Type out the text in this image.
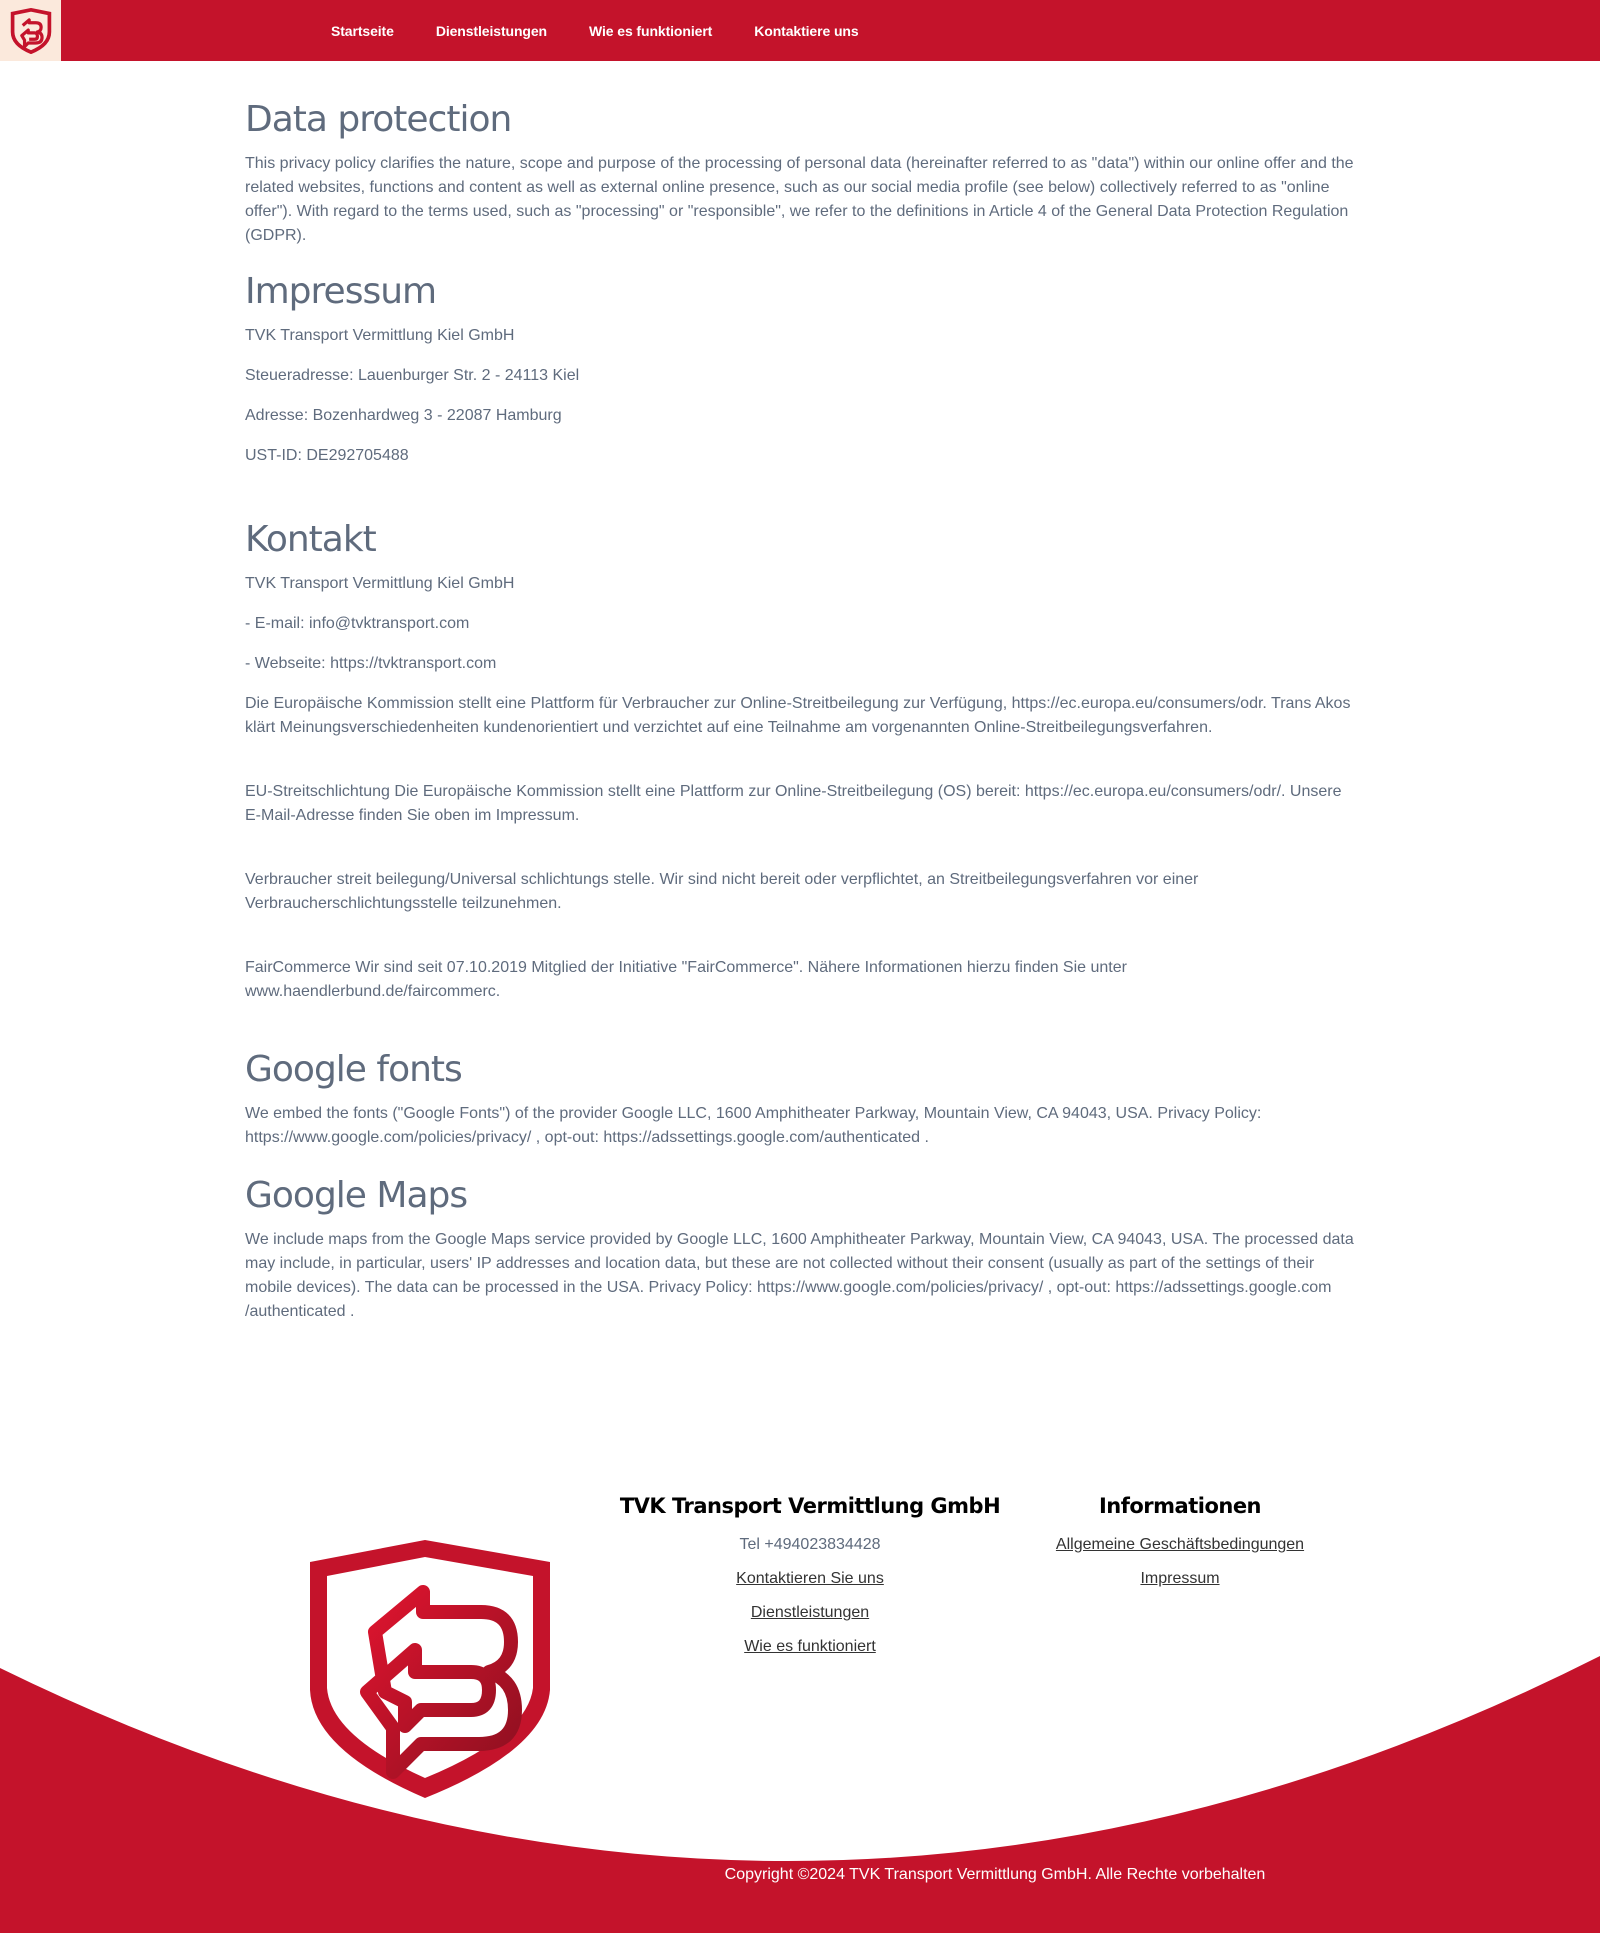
Startseite	Dienstleistungen	Wie es funktioniert	Kontaktiere uns
Data protection

This privacy policy clarifies the nature, scope and purpose of the processing of personal data (hereinafter referred to as "data") within our online offer and the related websites, functions and content as well as external online presence, such as our social media profile (see below) collectively referred to as "online offer"). With regard to the terms used, such as "processing" or "responsible", we refer to the definitions in Article 4 of the General Data Protection Regulation (GDPR).

Impressum

TVK Transport Vermittlung Kiel GmbH

Steueradresse: Lauenburger Str. 2 - 24113 Kiel

Adresse: Bozenhardweg 3 - 22087 Hamburg

UST-ID: DE292705488

Kontakt

TVK Transport Vermittlung Kiel GmbH

- E-mail: info@tvktransport.com

- Webseite: https://tvktransport.com

Die Europäische Kommission stellt eine Plattform für Verbraucher zur Online-Streitbeilegung zur Verfügung, https://ec.europa.eu/consumers/odr. Trans Akos klärt Meinungsverschiedenheiten kundenorientiert und verzichtet auf eine Teilnahme am vorgenannten Online-Streitbeilegungsverfahren.

EU-Streitschlichtung Die Europäische Kommission stellt eine Plattform zur Online-Streitbeilegung (OS) bereit: https://ec.europa.eu/consumers/odr/. Unsere E-Mail-Adresse finden Sie oben im Impressum.

Verbraucher streit beilegung/Universal schlichtungs stelle. Wir sind nicht bereit oder verpflichtet, an Streitbeilegungsverfahren vor einer Verbraucherschlichtungsstelle teilzunehmen.

FairCommerce Wir sind seit 07.10.2019 Mitglied der Initiative "FairCommerce". Nähere Informationen hierzu finden Sie unter www.haendlerbund.de/faircommerc.

Google fonts

We embed the fonts ("Google Fonts") of the provider Google LLC, 1600 Amphitheater Parkway, Mountain View, CA 94043, USA. Privacy Policy: https://www.google.com/policies/privacy/ , opt-out: https://adssettings.google.com/authenticated .

Google Maps

We include maps from the Google Maps service provided by Google LLC, 1600 Amphitheater Parkway, Mountain View, CA 94043, USA. The processed data may include, in particular, users' IP addresses and location data, but these are not collected without their consent (usually as part of the settings of their mobile devices). The data can be processed in the USA. Privacy Policy: https://www.google.com/policies/privacy/ , opt-out: https://adssettings.google.com /authenticated .

TVK Transport Vermittlung GmbH
Tel +494023834428
Kontaktieren Sie uns
Dienstleistungen
Wie es funktioniert
Informationen
Allgemeine Geschäftsbedingungen
Impressum
Copyright ©2024 TVK Transport Vermittlung GmbH. Alle Rechte vorbehalten
